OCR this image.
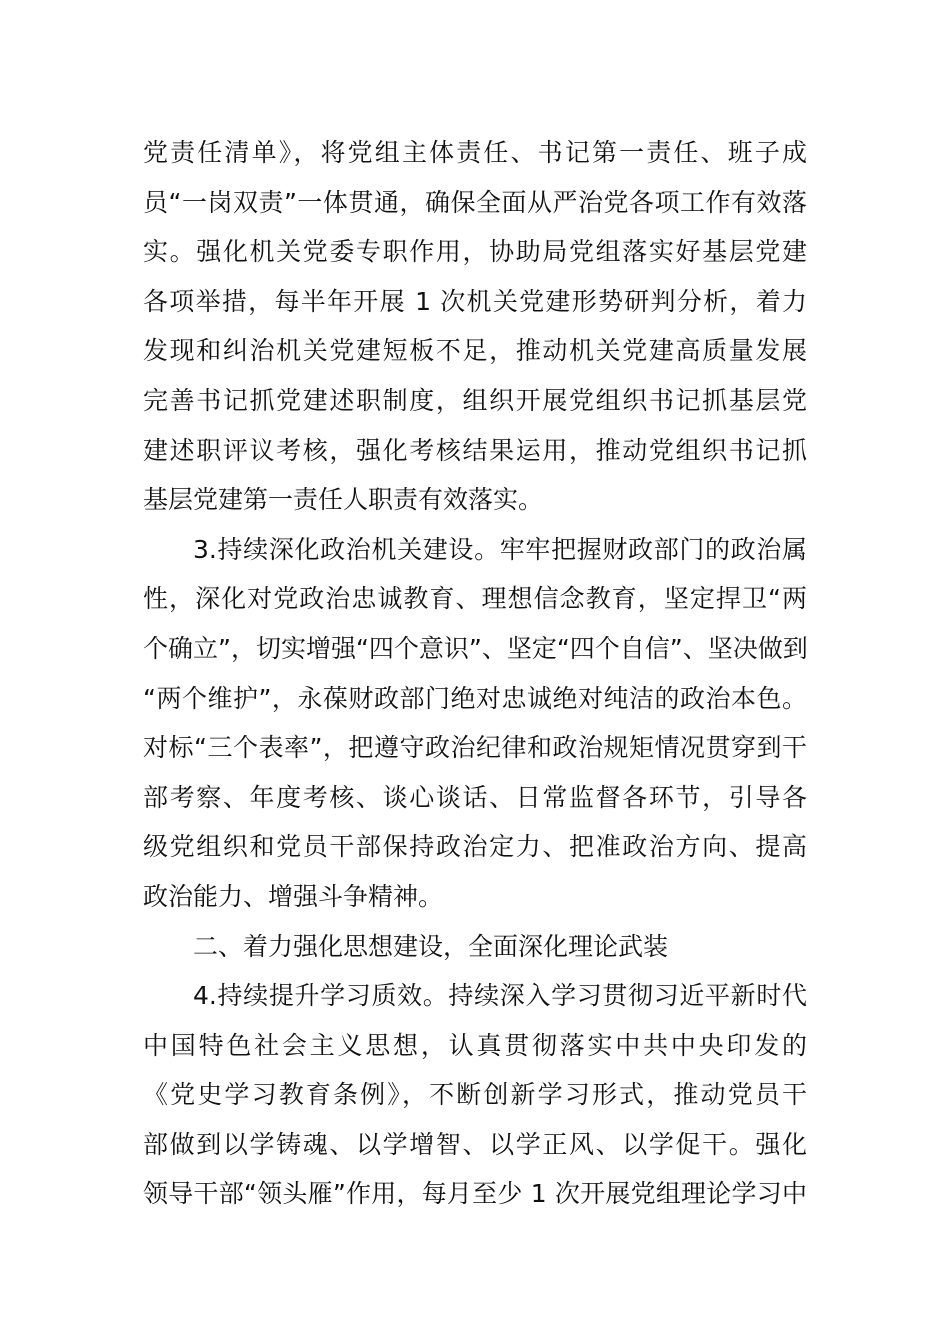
党责任清单》，将党组主体责任、书记第一责任、班子成
员“一岗双责”一体贯通，确保全面从严治党各项工作有效落
实。强化机关党委专职作用，协助局党组落实好基层党建
各项举措，每半年开展 1 次机关党建形势研判分析，着力
发现和纠治机关党建短板不足，推动机关党建高质量发展
完善书记抓党建述职制度，组织开展党组织书记抓基层党
建述职评议考核，强化考核结果运用，推动党组织书记抓
基层党建第一责任人职责有效落实。
3.持续深化政治机关建设。牢牢把握财政部门的政治属
性，深化对党政治忠诚教育、理想信念教育，坚定捍卫“两
个确立”，切实增强“四个意识”、坚定“四个自信”、坚决做到
“两个维护”，永葆财政部门绝对忠诚绝对纯洁的政治本色。
对标“三个表率”，把遵守政治纪律和政治规矩情况贯穿到干
部考察、年度考核、谈心谈话、日常监督各环节，引导各
级党组织和党员干部保持政治定力、把准政治方向、提高
政治能力、增强斗争精神。
二、着力强化思想建设，全面深化理论武装
4.持续提升学习质效。持续深入学习贯彻习近平新时代
中国特色社会主义思想，认真贯彻落实中共中央印发的
《党史学习教育条例》，不断创新学习形式，推动党员干
部做到以学铸魂、以学增智、以学正风、以学促干。强化
领导干部“领头雁”作用，每月至少 1 次开展党组理论学习中
